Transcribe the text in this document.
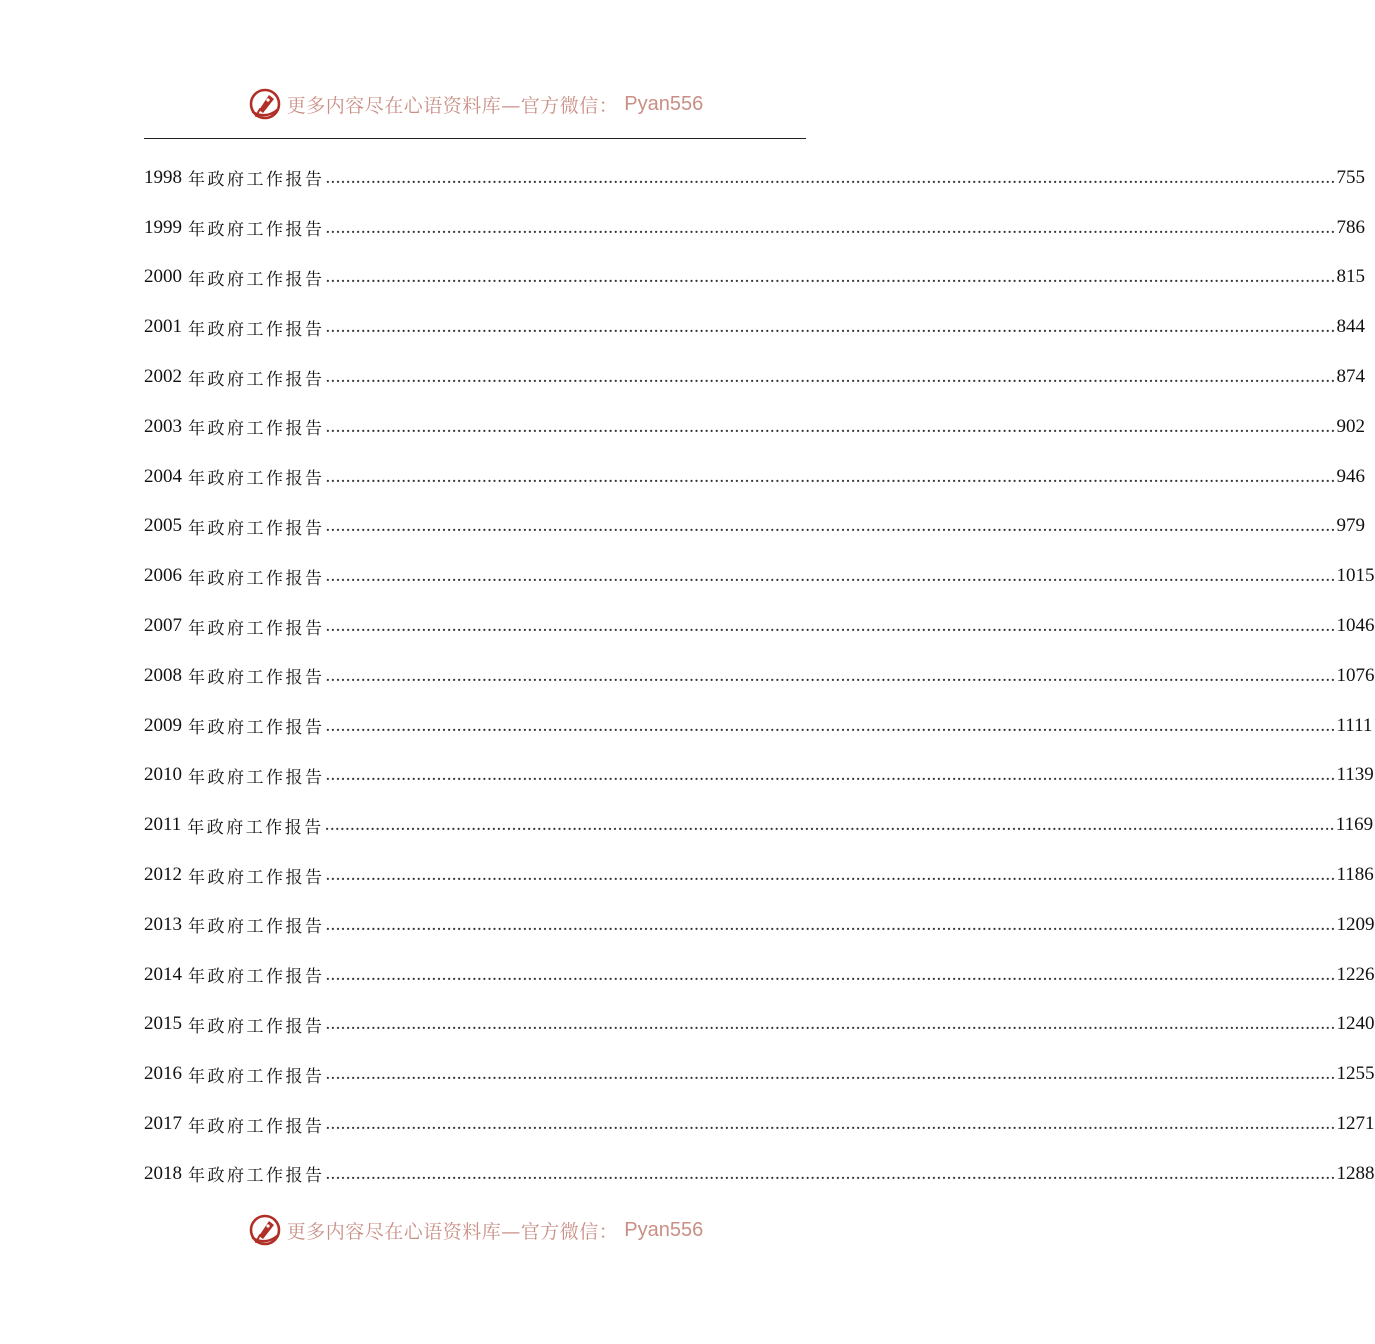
更多内容尽在心语资料库—官方微信： Pyan556
1998 年政府工作报告 ........................................................................................................................................................................................................ 755
1999 年政府工作报告 ........................................................................................................................................................................................................ 786
2000 年政府工作报告 ........................................................................................................................................................................................................ 815
2001 年政府工作报告 ........................................................................................................................................................................................................ 844
2002 年政府工作报告 ........................................................................................................................................................................................................ 874
2003 年政府工作报告 ........................................................................................................................................................................................................ 902
2004 年政府工作报告 ........................................................................................................................................................................................................ 946
2005 年政府工作报告 ........................................................................................................................................................................................................ 979
2006 年政府工作报告 ........................................................................................................................................................................................................ 1015
2007 年政府工作报告 ........................................................................................................................................................................................................ 1046
2008 年政府工作报告 ........................................................................................................................................................................................................ 1076
2009 年政府工作报告 ........................................................................................................................................................................................................ 1111
2010 年政府工作报告 ........................................................................................................................................................................................................ 1139
2011 年政府工作报告 ........................................................................................................................................................................................................ 1169
2012 年政府工作报告 ........................................................................................................................................................................................................ 1186
2013 年政府工作报告 ........................................................................................................................................................................................................ 1209
2014 年政府工作报告 ........................................................................................................................................................................................................ 1226
2015 年政府工作报告 ........................................................................................................................................................................................................ 1240
2016 年政府工作报告 ........................................................................................................................................................................................................ 1255
2017 年政府工作报告 ........................................................................................................................................................................................................ 1271
2018 年政府工作报告 ........................................................................................................................................................................................................ 1288
更多内容尽在心语资料库—官方微信： Pyan556
